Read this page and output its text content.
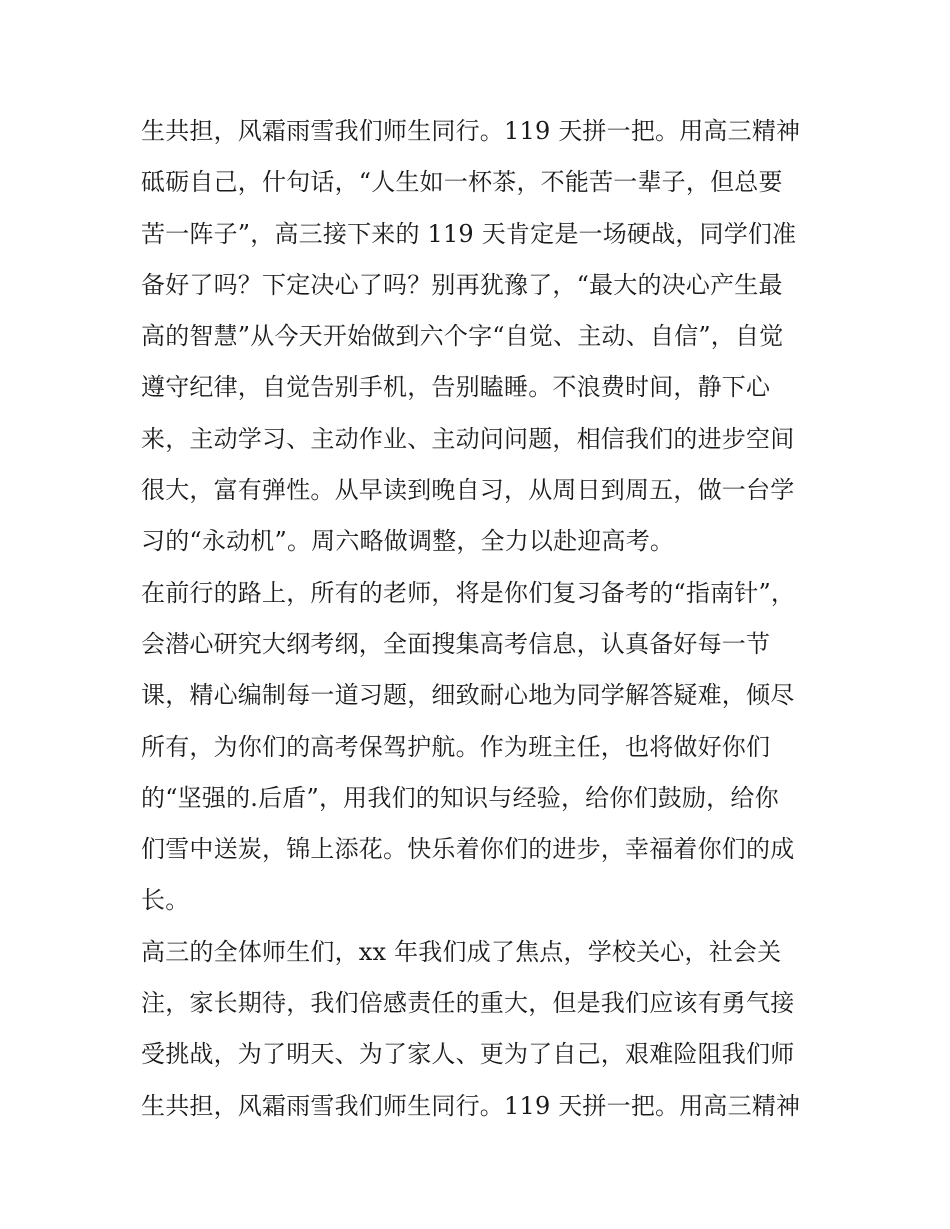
生共担，风霜雨雪我们师生同行。119 天拼一把。用高三精神
砥砺自己，什句话，“人生如一杯茶，不能苦一辈子，但总要
苦一阵子”，高三接下来的 119 天肯定是一场硬战，同学们准
备好了吗？下定决心了吗？别再犹豫了，“最大的决心产生最
高的智慧”从今天开始做到六个字“自觉、主动、自信”，自觉
遵守纪律，自觉告别手机，告别瞌睡。不浪费时间，静下心
来，主动学习、主动作业、主动问问题，相信我们的进步空间
很大，富有弹性。从早读到晚自习，从周日到周五，做一台学
习的“永动机”。周六略做调整，全力以赴迎高考。
在前行的路上，所有的老师，将是你们复习备考的“指南针”，
会潜心研究大纲考纲，全面搜集高考信息，认真备好每一节
课，精心编制每一道习题，细致耐心地为同学解答疑难，倾尽
所有，为你们的高考保驾护航。作为班主任，也将做好你们
的“坚强的.后盾”，用我们的知识与经验，给你们鼓励，给你
们雪中送炭，锦上添花。快乐着你们的进步，幸福着你们的成
长。
高三的全体师生们，xx 年我们成了焦点，学校关心，社会关
注，家长期待，我们倍感责任的重大，但是我们应该有勇气接
受挑战，为了明天、为了家人、更为了自己，艰难险阻我们师
生共担，风霜雨雪我们师生同行。119 天拼一把。用高三精神
